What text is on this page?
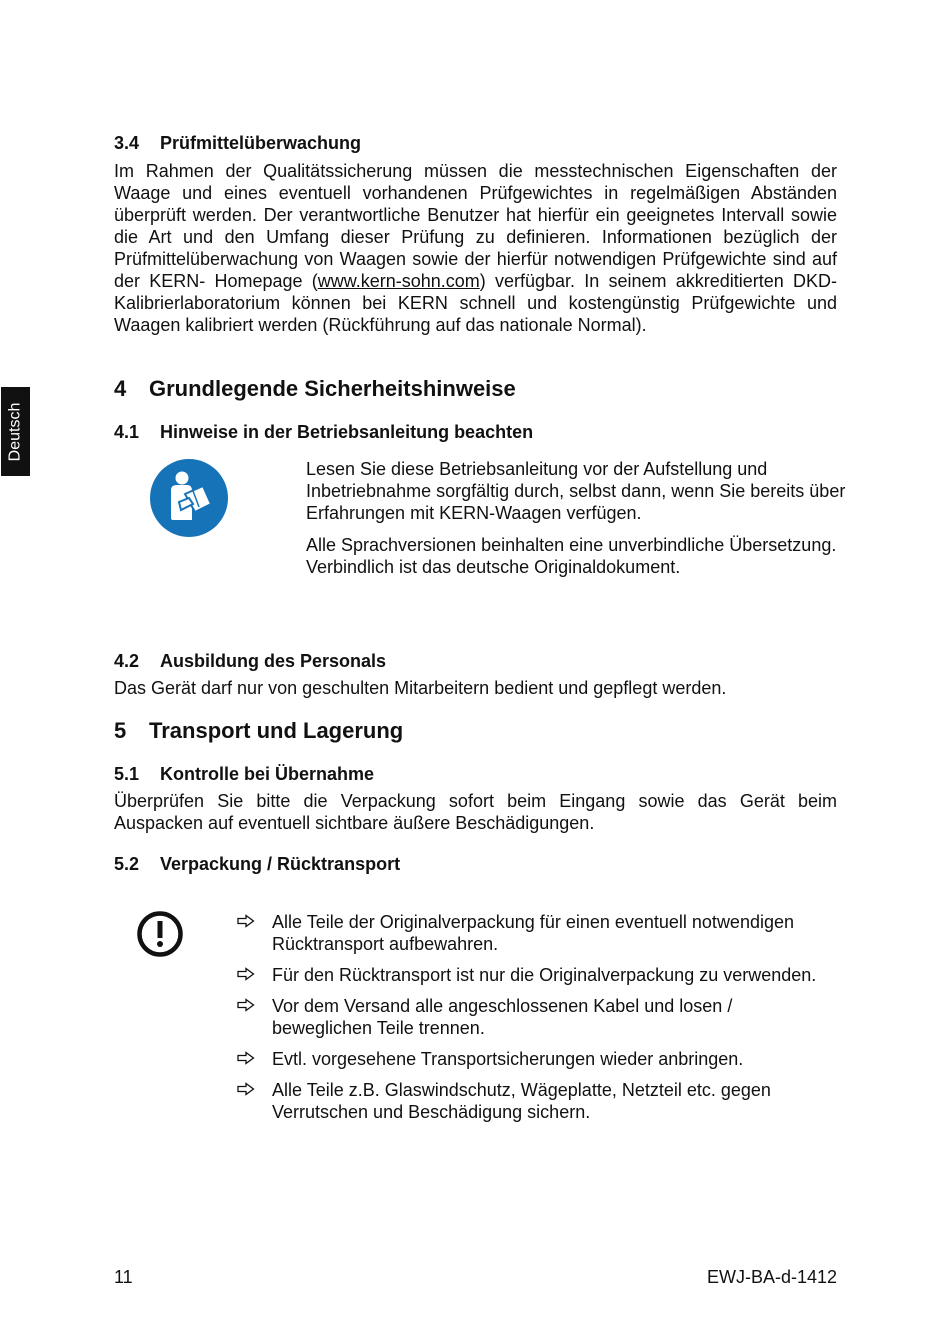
Deutsch
3.4 Prüfmittelüberwachung
Im Rahmen der Qualitätssicherung müssen die messtechnischen Eigenschaften der Waage und eines eventuell vorhandenen Prüfgewichtes in regelmäßigen Abständen überprüft werden. Der verantwortliche Benutzer hat hierfür ein geeignetes Intervall sowie die Art und den Umfang dieser Prüfung zu definieren. Informationen bezüglich der Prüfmittelüberwachung von Waagen sowie der hierfür notwendigen Prüfgewichte sind auf der KERN- Homepage (www.kern-sohn.com) verfügbar. In seinem akkreditierten DKD- Kalibrierlaboratorium können bei KERN schnell und kostengünstig Prüfgewichte und Waagen kalibriert werden (Rückführung auf das nationale Normal).
4 Grundlegende Sicherheitshinweise
4.1 Hinweise in der Betriebsanleitung beachten
Lesen Sie diese Betriebsanleitung vor der Aufstellung und Inbetriebnahme sorgfältig durch, selbst dann, wenn Sie bereits über Erfahrungen mit KERN-Waagen verfügen.
Alle Sprachversionen beinhalten eine unverbindliche Übersetzung.
Verbindlich ist das deutsche Originaldokument.
4.2 Ausbildung des Personals
Das Gerät darf nur von geschulten Mitarbeitern bedient und gepflegt werden.
5 Transport und Lagerung
5.1 Kontrolle bei Übernahme
Überprüfen Sie bitte die Verpackung sofort beim Eingang sowie das Gerät beim Auspacken auf eventuell sichtbare äußere Beschädigungen.
5.2 Verpackung / Rücktransport
Alle Teile der Originalverpackung für einen eventuell notwendigen Rücktransport aufbewahren.
Für den Rücktransport ist nur die Originalverpackung zu verwenden.
Vor dem Versand alle angeschlossenen Kabel und losen / beweglichen Teile trennen.
Evtl. vorgesehene Transportsicherungen wieder anbringen.
Alle Teile z.B. Glaswindschutz, Wägeplatte, Netzteil etc. gegen Verrutschen und Beschädigung sichern.
11	EWJ-BA-d-1412
